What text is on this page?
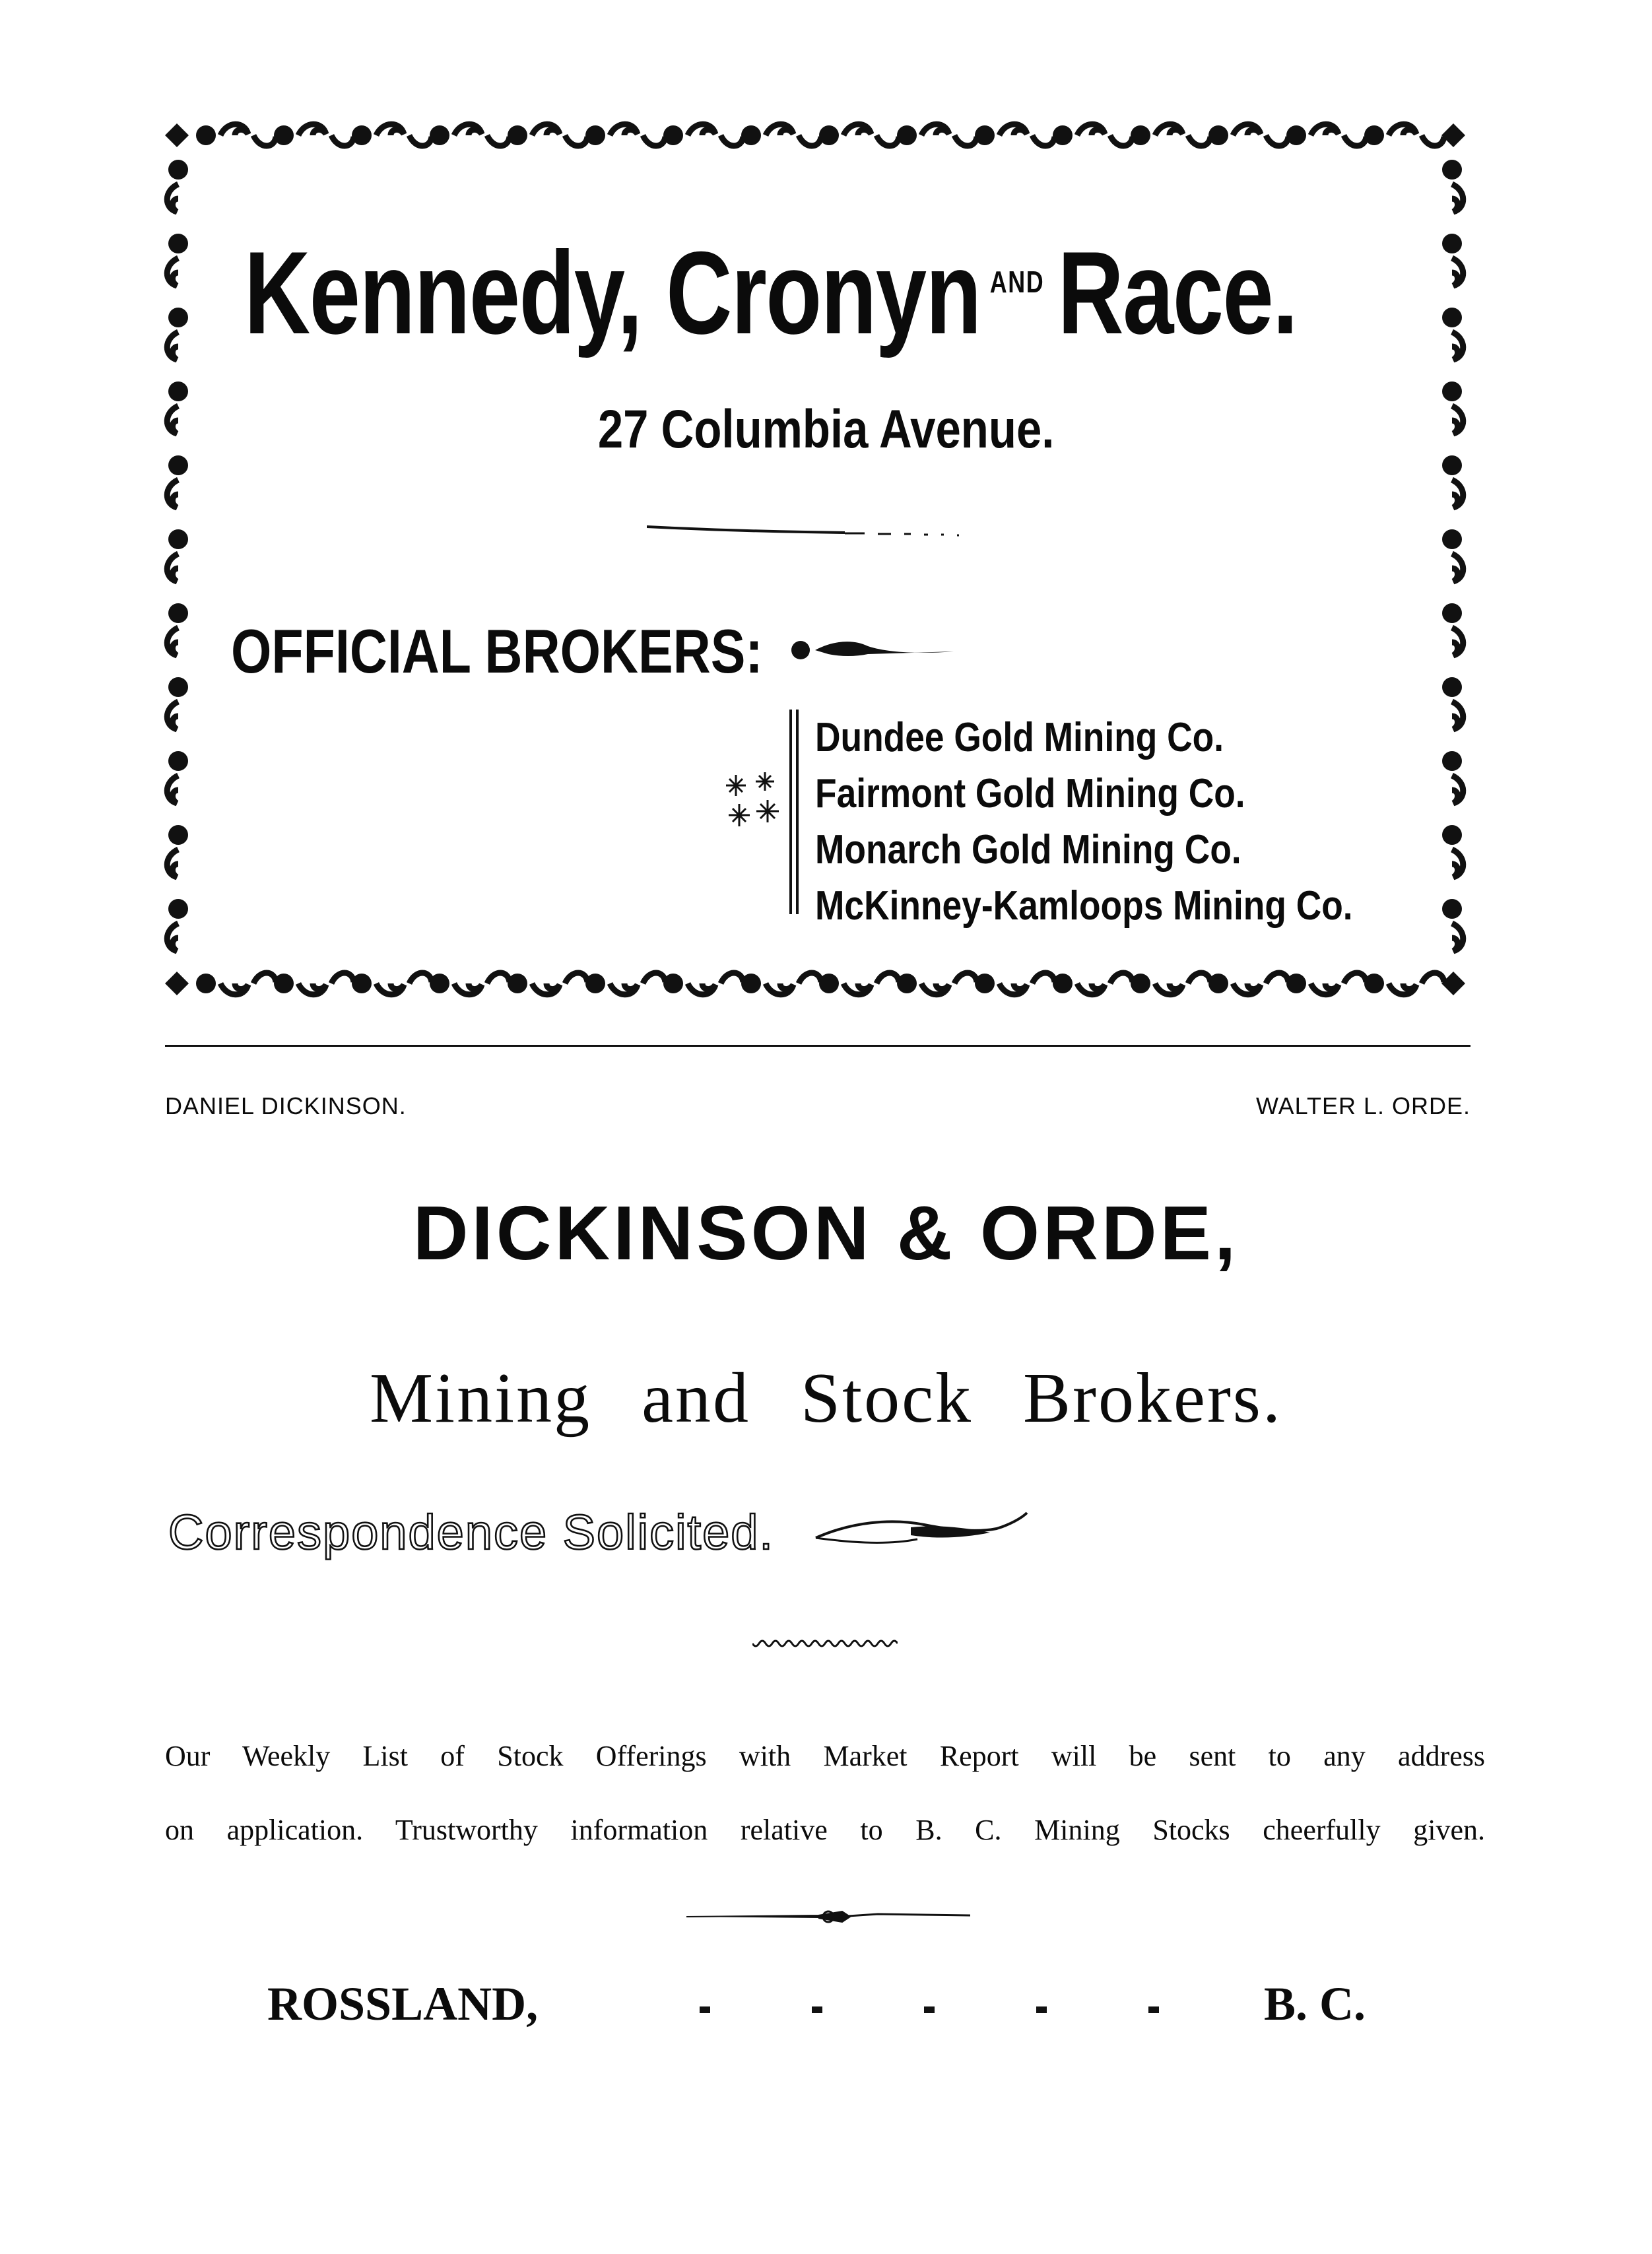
Kennedy, Cronyn $^{AND}$ Race.
27 Columbia Avenue.
OFFICIAL BROKERS:
Dundee Gold Mining Co.
Fairmont Gold Mining Co.
Monarch Gold Mining Co.
McKinney-Kamloops Mining Co.
DANIEL DICKINSON.	WALTER L. ORDE.
DICKINSON & ORDE,
Mining and Stock Brokers.
Correspondence Solicited.
Our Weekly List of Stock Offerings with Market Report will be sent to any address
on application. Trustworthy information relative to B. C. Mining Stocks cheerfully given.
ROSSLAND,	B. C.
